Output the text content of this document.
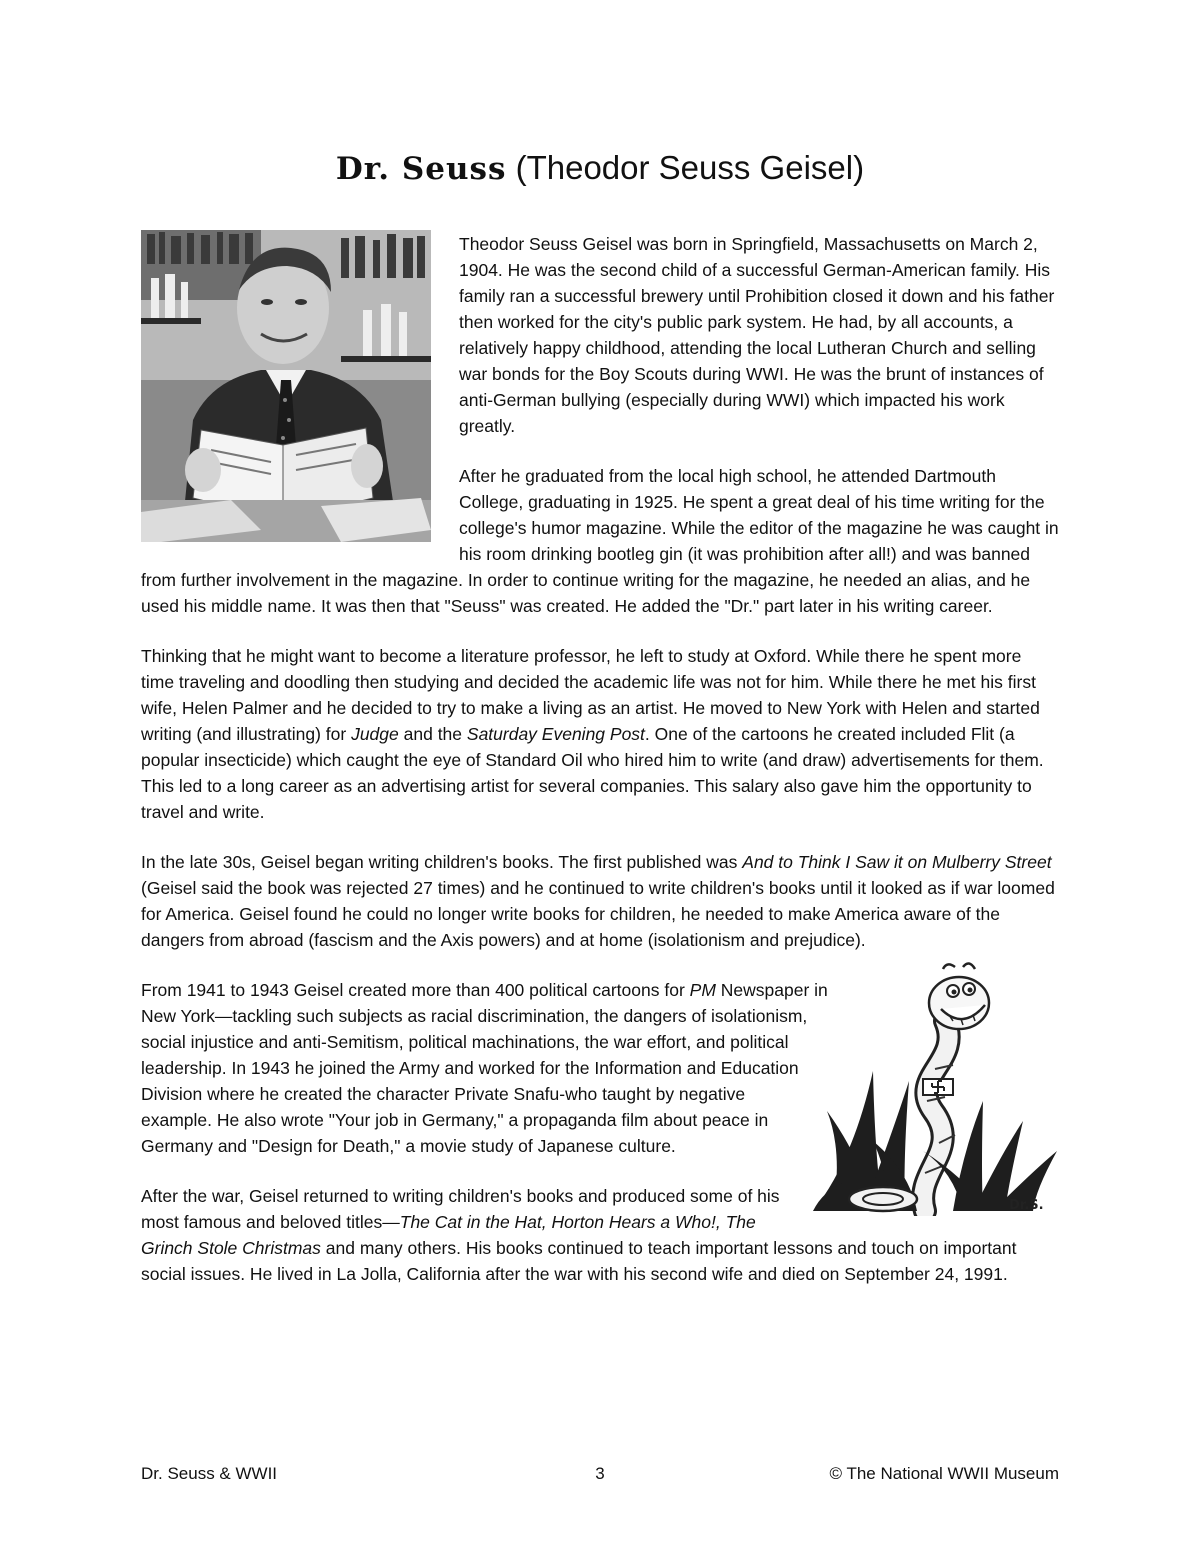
Dr. Seuss (Theodor Seuss Geisel)

Theodor Seuss Geisel was born in Springfield, Massachusetts on March 2, 1904. He was the second child of a successful German-American family. His family ran a successful brewery until Prohibition closed it down and his father then worked for the city's public park system. He had, by all accounts, a relatively happy childhood, attending the local Lutheran Church and selling war bonds for the Boy Scouts during WWI. He was the brunt of instances of anti-German bullying (especially during WWI) which impacted his work greatly.

After he graduated from the local high school, he attended Dartmouth College, graduating in 1925. He spent a great deal of his time writing for the college's humor magazine. While the editor of the magazine he was caught in his room drinking bootleg gin (it was prohibition after all!) and was banned from further involvement in the magazine. In order to continue writing for the magazine, he needed an alias, and he used his middle name. It was then that "Seuss" was created. He added the "Dr." part later in his writing career.

Thinking that he might want to become a literature professor, he left to study at Oxford. While there he spent more time traveling and doodling then studying and decided the academic life was not for him. While there he met his first wife, Helen Palmer and he decided to try to make a living as an artist. He moved to New York with Helen and started writing (and illustrating) for Judge and the Saturday Evening Post. One of the cartoons he created included Flit (a popular insecticide) which caught the eye of Standard Oil who hired him to write (and draw) advertisements for them. This led to a long career as an advertising artist for several companies. This salary also gave him the opportunity to travel and write.

In the late 30s, Geisel began writing children's books. The first published was And to Think I Saw it on Mulberry Street (Geisel said the book was rejected 27 times) and he continued to write children's books until it looked as if war loomed for America. Geisel found he could no longer write books for children, he needed to make America aware of the dangers from abroad (fascism and the Axis powers) and at home (isolationism and prejudice).

Dr.S.

From 1941 to 1943 Geisel created more than 400 political cartoons for PM Newspaper in New York—tackling such subjects as racial discrimination, the dangers of isolationism, social injustice and anti-Semitism, political machinations, the war effort, and political leadership. In 1943 he joined the Army and worked for the Information and Education Division where he created the character Private Snafu-who taught by negative example. He also wrote "Your job in Germany," a propaganda film about peace in Germany and "Design for Death," a movie study of Japanese culture.

After the war, Geisel returned to writing children's books and produced some of his most famous and beloved titles—The Cat in the Hat, Horton Hears a Who!, The Grinch Stole Christmas and many others. His books continued to teach important lessons and touch on important social issues. He lived in La Jolla, California after the war with his second wife and died on September 24, 1991.

3
Dr. Seuss & WWII	© The National WWII Museum
